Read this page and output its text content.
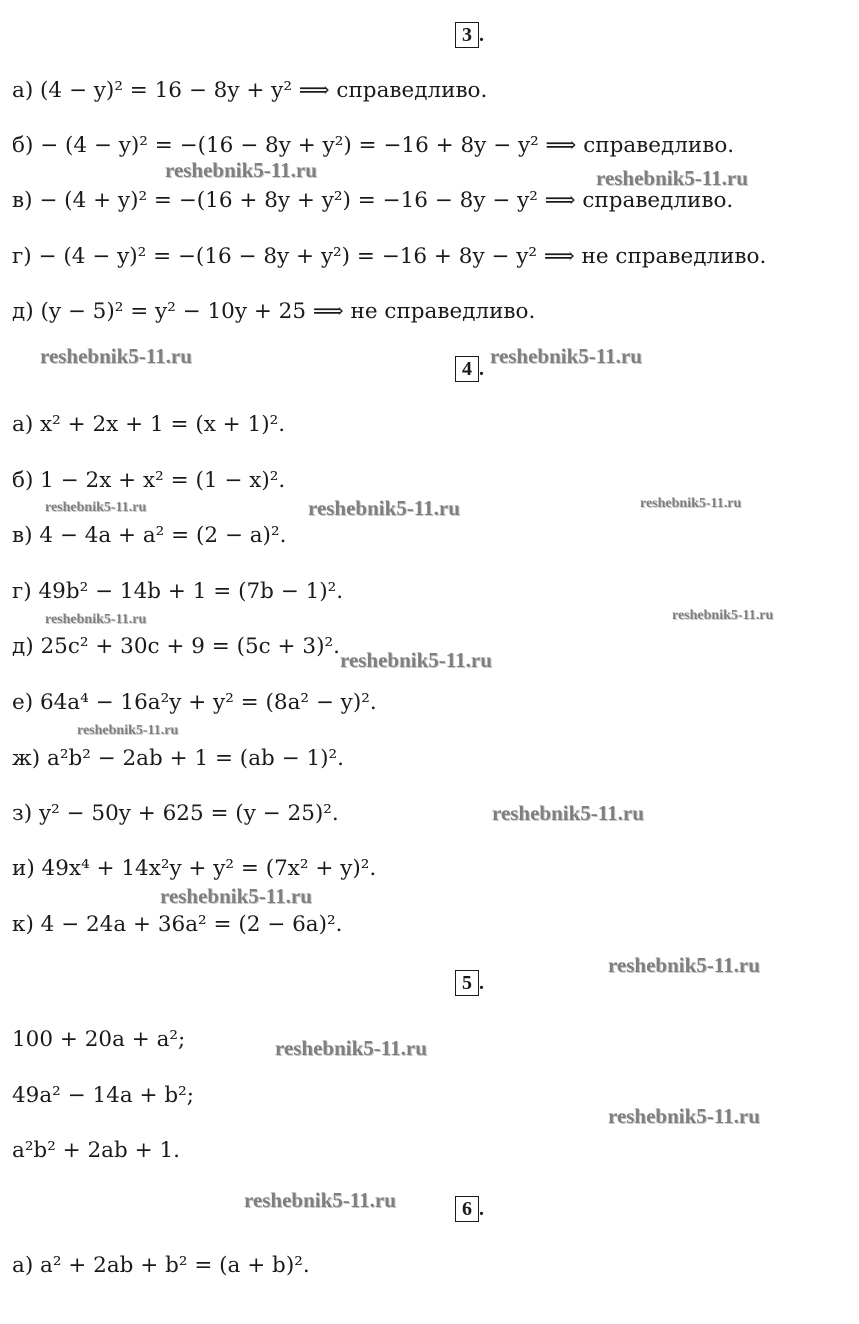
3 .
а) (4 − y)² = 16 − 8y + y² ⟹ справедливо.
б) − (4 − y)² = −(16 − 8y + y²) = −16 + 8y − y² ⟹ справедливо.
в) − (4 + y)² = −(16 + 8y + y²) = −16 − 8y − y² ⟹ справедливо.
г) − (4 − y)² = −(16 − 8y + y²) = −16 + 8y − y² ⟹ не справедливо.
д) (y − 5)² = y² − 10y + 25 ⟹ не справедливо.
4 .
а) x² + 2x + 1 = (x + 1)².
б) 1 − 2x + x² = (1 − x)².
в) 4 − 4a + a² = (2 − a)².
г) 49b² − 14b + 1 = (7b − 1)².
д) 25c² + 30c + 9 = (5c + 3)².
е) 64a⁴ − 16a²y + y² = (8a² − y)².
ж) a²b² − 2ab + 1 = (ab − 1)².
з) y² − 50y + 625 = (y − 25)².
и) 49x⁴ + 14x²y + y² = (7x² + y)².
к) 4 − 24a + 36a² = (2 − 6a)².
5 .
100 + 20a + a²;
49a² − 14a + b²;
a²b² + 2ab + 1.
6 .
а) a² + 2ab + b² = (a + b)².
reshebnik5-11.ru	reshebnik5-11.ru
reshebnik5-11.ru	reshebnik5-11.ru
reshebnik5-11.ru	reshebnik5-11.ru	reshebnik5-11.ru
reshebnik5-11.ru	reshebnik5-11.ru
reshebnik5-11.ru
reshebnik5-11.ru
reshebnik5-11.ru
reshebnik5-11.ru
reshebnik5-11.ru
reshebnik5-11.ru
reshebnik5-11.ru
reshebnik5-11.ru
